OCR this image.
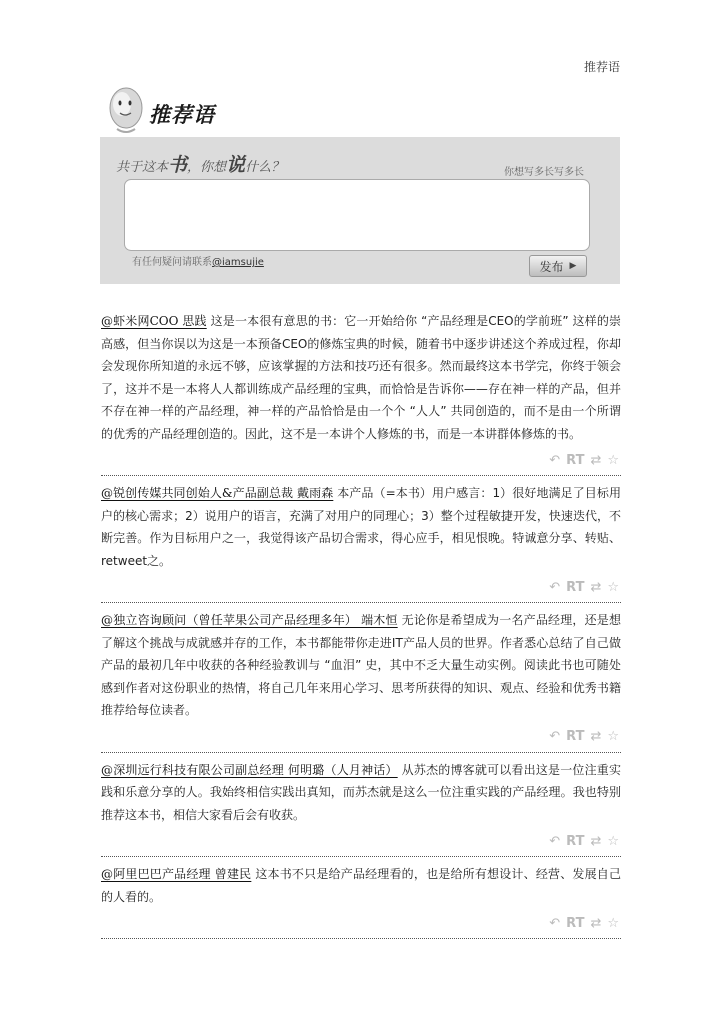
推荐语
推荐语
共于这本书，你想说什么？	你想写多长写多长
有任何疑问请联系@iamsujie	发布 ▶

@虾米网COO 思践 这是一本很有意思的书：它一开始给你 “产品经理是CEO的学前班” 这样的崇高感，但当你误以为这是一本预备CEO的修炼宝典的时候，随着书中逐步讲述这个养成过程，你却会发现你所知道的永远不够，应该掌握的方法和技巧还有很多。然而最终这本书学完，你终于领会了，这并不是一本将人人都训练成产品经理的宝典，而恰恰是告诉你——存在神一样的产品，但并不存在神一样的产品经理，神一样的产品恰恰是由一个个 “人人” 共同创造的，而不是由一个所谓的优秀的产品经理创造的。因此，这不是一本讲个人修炼的书，而是一本讲群体修炼的书。

↶ RT ⇄ ☆

@锐创传媒共同创始人&产品副总裁 戴雨森 本产品（=本书）用户感言：1）很好地满足了目标用户的核心需求；2）说用户的语言，充满了对用户的同理心；3）整个过程敏捷开发，快速迭代，不断完善。作为目标用户之一，我觉得该产品切合需求，得心应手，相见恨晚。特诚意分享、转贴、retweet之。

↶ RT ⇄ ☆

@独立咨询顾问（曾任苹果公司产品经理多年） 端木恒 无论你是希望成为一名产品经理，还是想了解这个挑战与成就感并存的工作，本书都能带你走进IT产品人员的世界。作者悉心总结了自己做产品的最初几年中收获的各种经验教训与 “血泪” 史，其中不乏大量生动实例。阅读此书也可随处感到作者对这份职业的热情，将自己几年来用心学习、思考所获得的知识、观点、经验和优秀书籍推荐给每位读者。

↶ RT ⇄ ☆

@深圳远行科技有限公司副总经理 何明璐（人月神话） 从苏杰的博客就可以看出这是一位注重实践和乐意分享的人。我始终相信实践出真知，而苏杰就是这么一位注重实践的产品经理。我也特别推荐这本书，相信大家看后会有收获。

↶ RT ⇄ ☆

@阿里巴巴产品经理 曾建民 这本书不只是给产品经理看的，也是给所有想设计、经营、发展自己的人看的。

↶ RT ⇄ ☆
